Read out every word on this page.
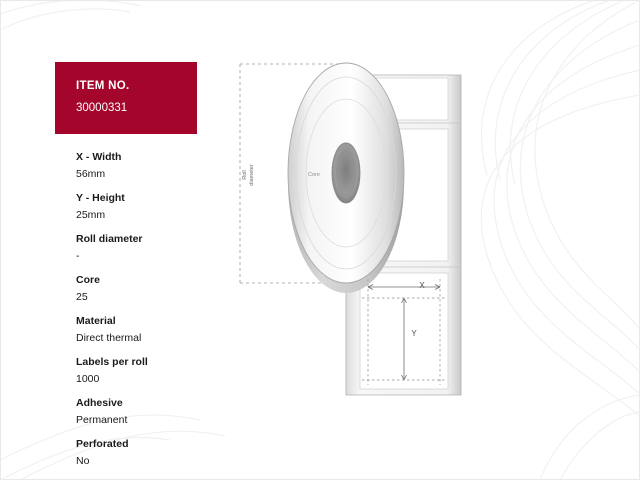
ITEM NO.
30000331
X - Width
56mm
Y - Height
25mm
Roll diameter
-
Core
25
Material
Direct thermal
Labels per roll
1000
Adhesive
Permanent
Perforated
No
Roll diameter	Core
X
Y
